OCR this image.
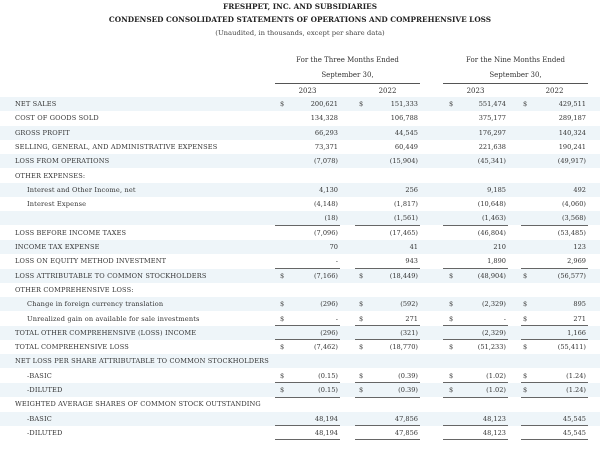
FRESHPET, INC. AND SUBSIDIARIES
CONDENSED CONSOLIDATED STATEMENTS OF OPERATIONS AND COMPREHENSIVE LOSS
(Unaudited, in thousands, except per share data)
For the Three Months Ended
September 30,
For the Nine Months Ended
September 30,
2023	2022	2023	2022
NET SALES	$	200,621	$	151,333	$	551,474	$	429,511
COST OF GOODS SOLD	134,328	106,788	375,177	289,187
GROSS PROFIT	66,293	44,545	176,297	140,324
SELLING, GENERAL, AND ADMINISTRATIVE EXPENSES	73,371	60,449	221,638	190,241
LOSS FROM OPERATIONS	(7,078)	(15,904)	(45,341)	(49,917)
OTHER EXPENSES:
Interest and Other Income, net	4,130	256	9,185	492
Interest Expense	(4,148)	(1,817)	(10,648)	(4,060)
(18)	(1,561)	(1,463)	(3,568)
LOSS BEFORE INCOME TAXES	(7,096)	(17,465)	(46,804)	(53,485)
INCOME TAX EXPENSE	70	41	210	123
LOSS ON EQUITY METHOD INVESTMENT	-	943	1,890	2,969
LOSS ATTRIBUTABLE TO COMMON STOCKHOLDERS	$	(7,166)	$	(18,449)	$	(48,904)	$	(56,577)
OTHER COMPREHENSIVE LOSS:
Change in foreign currency translation	$	(296)	$	(592)	$	(2,329)	$	895
Unrealized gain on available for sale investments	$	-	$	271	$	-	$	271
TOTAL OTHER COMPREHENSIVE (LOSS) INCOME	(296)	(321)	(2,329)	1,166
TOTAL COMPREHENSIVE LOSS	$	(7,462)	$	(18,770)	$	(51,233)	$	(55,411)
NET LOSS PER SHARE ATTRIBUTABLE TO COMMON STOCKHOLDERS
-BASIC	$	(0.15)	$	(0.39)	$	(1.02)	$	(1.24)
-DILUTED	$	(0.15)	$	(0.39)	$	(1.02)	$	(1.24)
WEIGHTED AVERAGE SHARES OF COMMON STOCK OUTSTANDING
-BASIC	48,194	47,856	48,123	45,545
-DILUTED	48,194	47,856	48,123	45,545
